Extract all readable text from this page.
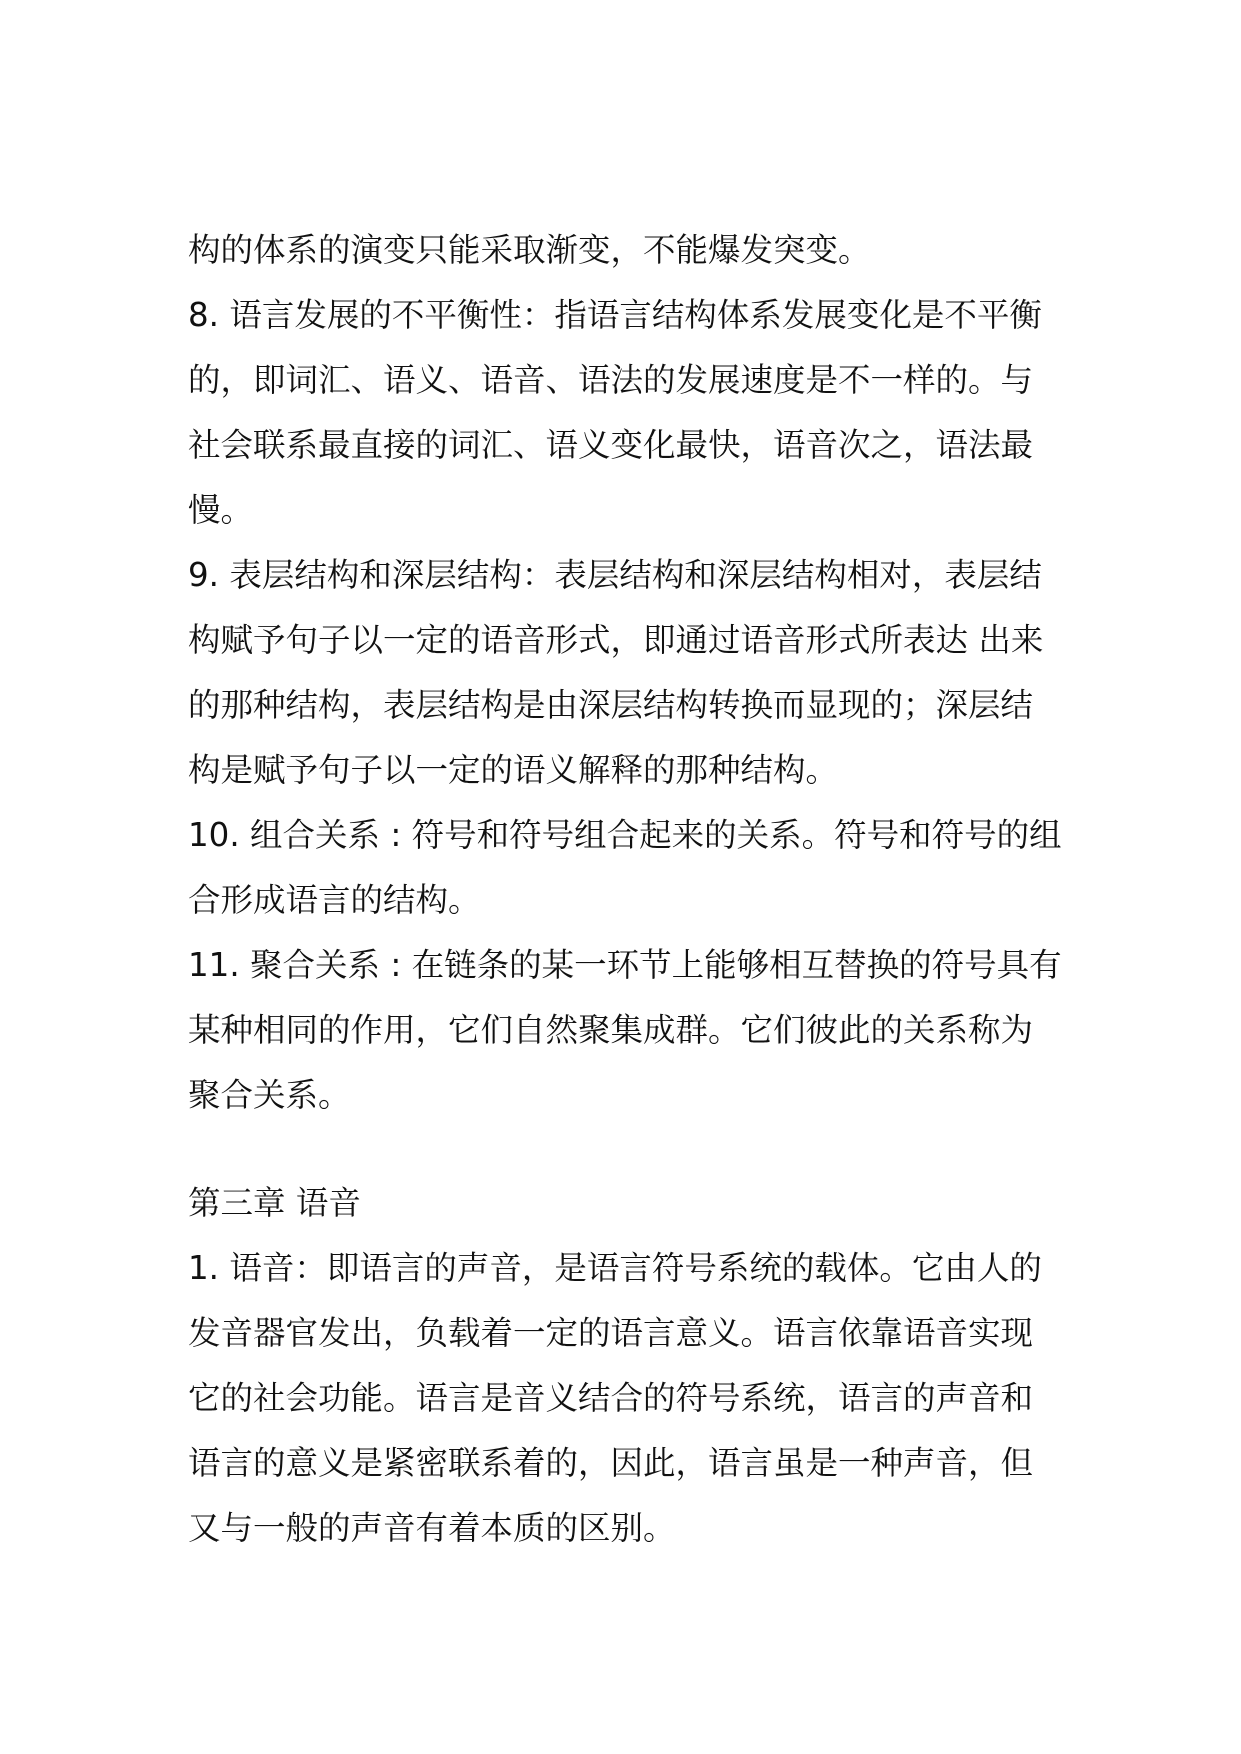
构的体系的演变只能采取渐变，不能爆发突变。
8. 语言发展的不平衡性：指语言结构体系发展变化是不平衡
的，即词汇、语义、语音、语法的发展速度是不一样的。与
社会联系最直接的词汇、语义变化最快，语音次之，语法最
慢。
9. 表层结构和深层结构：表层结构和深层结构相对，表层结
构赋予句子以一定的语音形式，即通过语音形式所表达 出来
的那种结构，表层结构是由深层结构转换而显现的；深层结
构是赋予句子以一定的语义解释的那种结构。
10. 组合关系 : 符号和符号组合起来的关系。符号和符号的组
合形成语言的结构。
11. 聚合关系 : 在链条的某一环节上能够相互替换的符号具有
某种相同的作用，它们自然聚集成群。它们彼此的关系称为
聚合关系。
第三章 语音
1. 语音：即语言的声音，是语言符号系统的载体。它由人的
发音器官发出，负载着一定的语言意义。语言依靠语音实现
它的社会功能。语言是音义结合的符号系统，语言的声音和
语言的意义是紧密联系着的，因此，语言虽是一种声音，但
又与一般的声音有着本质的区别。
